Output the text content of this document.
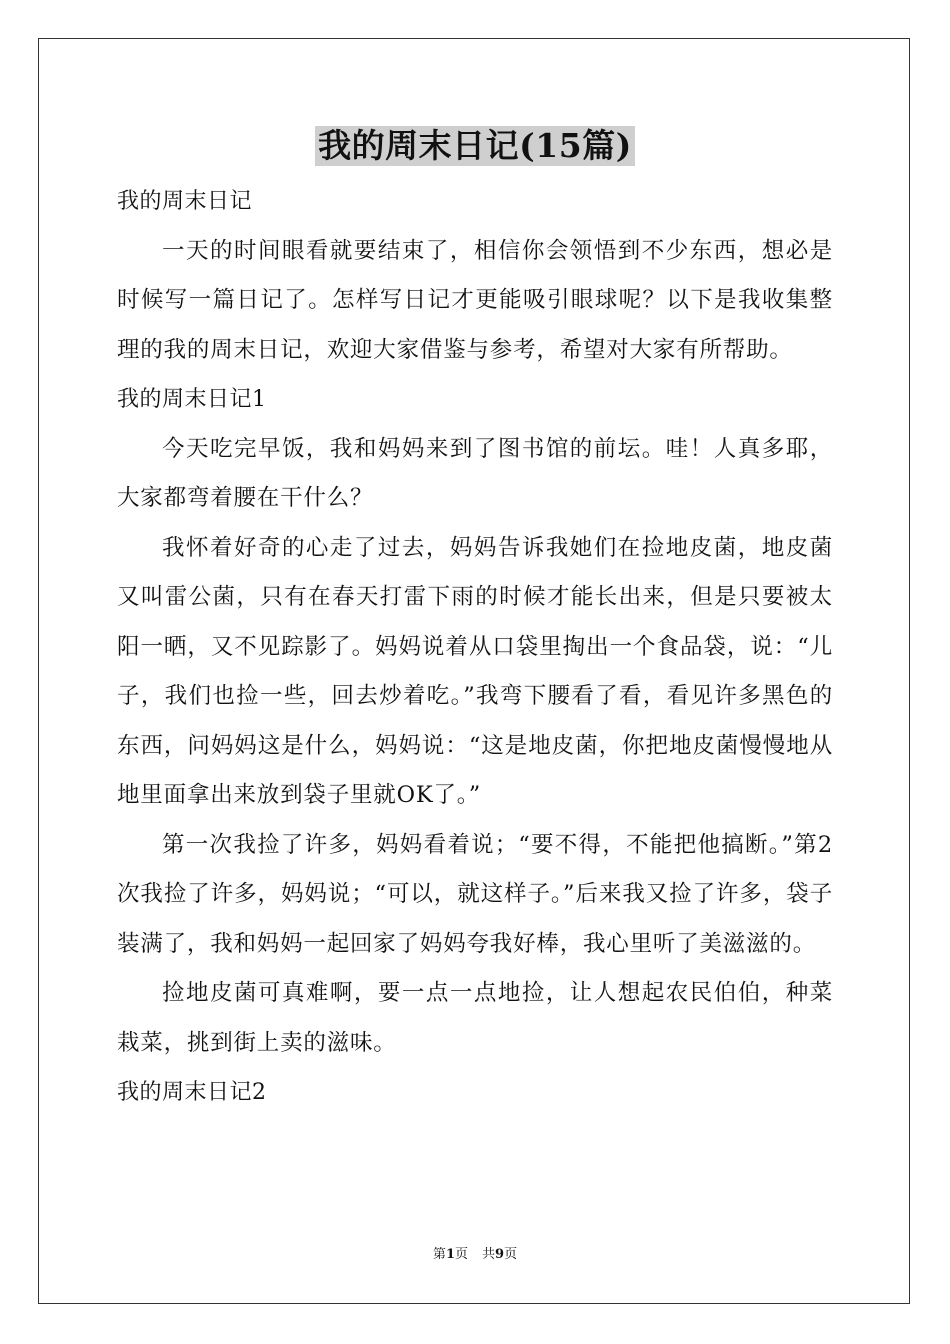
我的周末日记(15篇)

我的周末日记

一天的时间眼看就要结束了，相信你会领悟到不少东西，想必是时候写一篇日记了。怎样写日记才更能吸引眼球呢？以下是我收集整理的我的周末日记，欢迎大家借鉴与参考，希望对大家有所帮助。

我的周末日记1

今天吃完早饭，我和妈妈来到了图书馆的前坛。哇！人真多耶，大家都弯着腰在干什么？

我怀着好奇的心走了过去，妈妈告诉我她们在捡地皮菌，地皮菌又叫雷公菌，只有在春天打雷下雨的时候才能长出来，但是只要被太阳一晒，又不见踪影了。妈妈说着从口袋里掏出一个食品袋，说：“儿子，我们也捡一些，回去炒着吃。”我弯下腰看了看，看见许多黑色的东西，问妈妈这是什么，妈妈说：“这是地皮菌，你把地皮菌慢慢地从地里面拿出来放到袋子里就OK了。”

第一次我捡了许多，妈妈看着说；“要不得，不能把他搞断。”第2次我捡了许多，妈妈说；“可以，就这样子。”后来我又捡了许多，袋子装满了，我和妈妈一起回家了妈妈夸我好棒，我心里听了美滋滋的。

捡地皮菌可真难啊，要一点一点地捡，让人想起农民伯伯，种菜栽菜，挑到街上卖的滋味。

我的周末日记2

第1页 共9页
